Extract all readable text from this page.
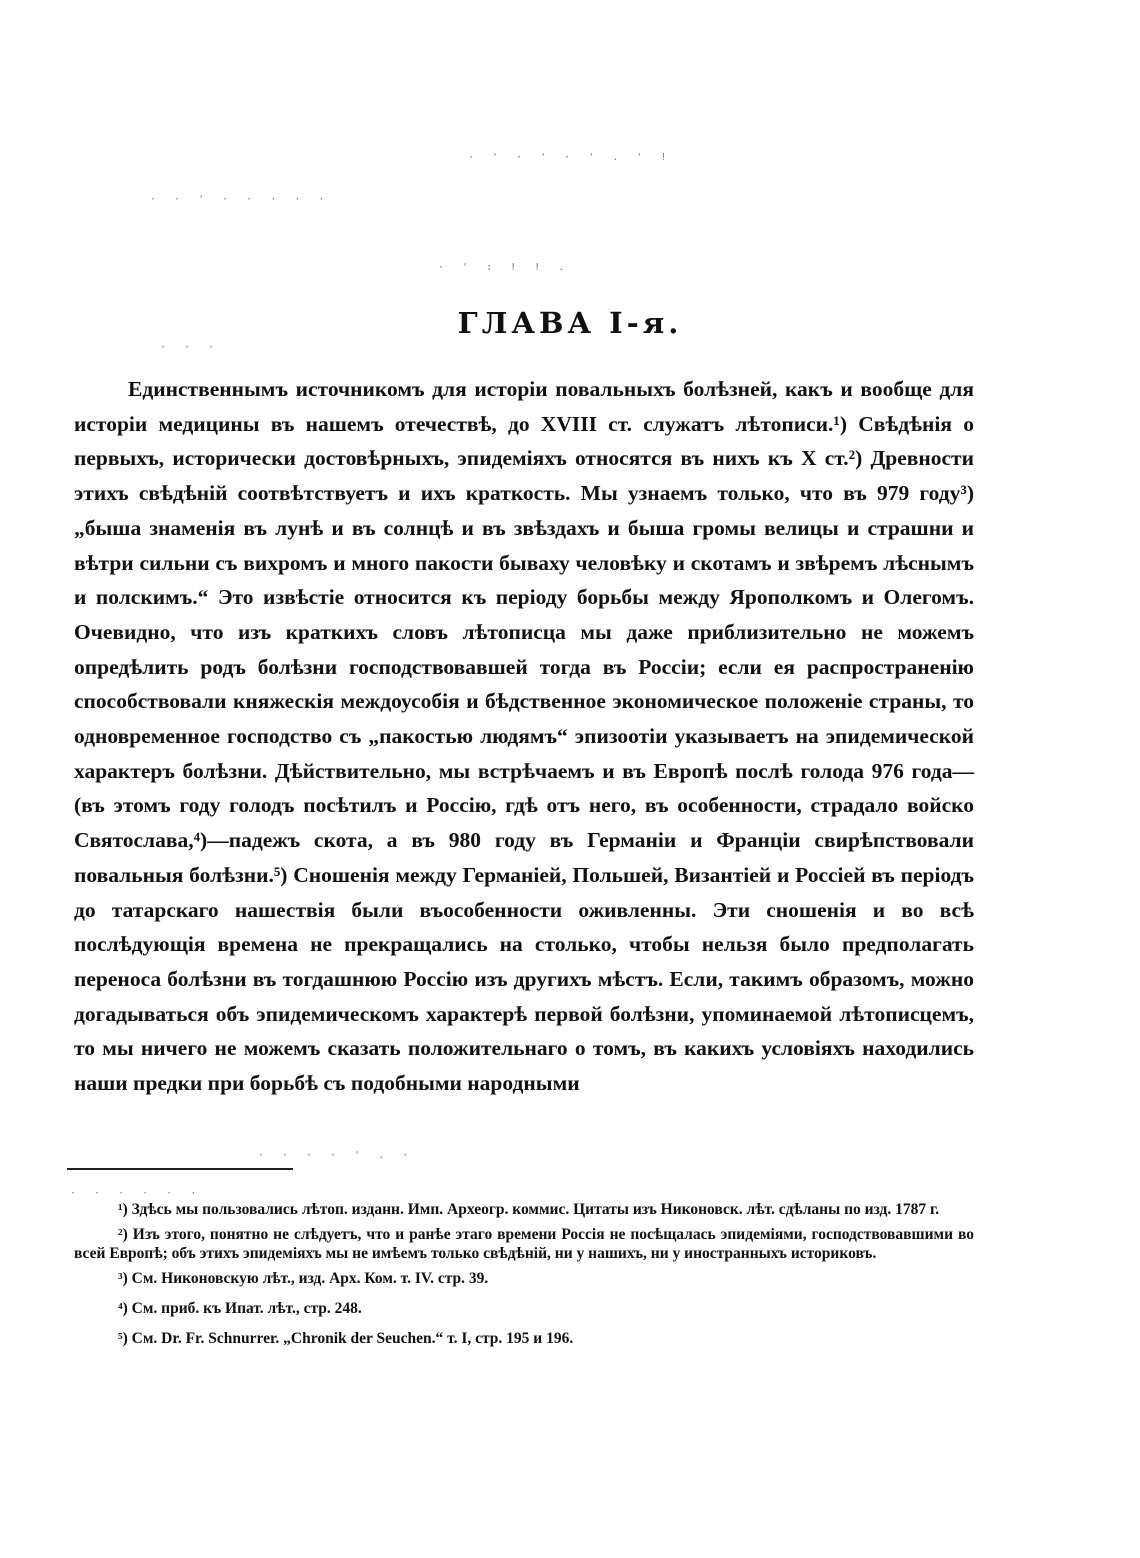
· ' · ' · ' . ' !
· · ' · · · · ·
· ' : ! ! .
· · ·
· · · · ' . ·
· · · · · ·
ГЛАВА I-я.

Единственнымъ источникомъ для исторіи повальныхъ болѣзней, какъ и вообще для исторіи медицины въ нашемъ отечествѣ, до XVIII ст. служатъ лѣтописи.¹) Свѣдѣнія о первыхъ, исторически достовѣрныхъ, эпидеміяхъ относятся въ нихъ къ X ст.²) Древности этихъ свѣдѣній соотвѣтствуетъ и ихъ краткость. Мы узнаемъ только, что въ 979 году³) „быша знаменія въ лунѣ и въ солнцѣ и въ звѣздахъ и быша громы велицы и страшни и вѣтри сильни съ вихромъ и много пакости бываху человѣку и скотамъ и звѣремъ лѣснымъ и полскимъ.“ Это извѣстіе относится къ періоду борьбы между Ярополкомъ и Олегомъ. Очевидно, что изъ краткихъ словъ лѣтописца мы даже приблизительно не можемъ опредѣлить родъ болѣзни господствовавшей тогда въ Россіи; если ея распространенію способствовали княжескія междоусобія и бѣдственное экономическое положеніе страны, то одновременное господство съ „пакостью людямъ“ эпизоотіи указываетъ на эпидемической характеръ болѣзни. Дѣйствительно, мы встрѣчаемъ и въ Европѣ послѣ голода 976 года—(въ этомъ году голодъ посѣтилъ и Россію, гдѣ отъ него, въ особенности, страдало войско Святослава,⁴)—падежъ скота, а въ 980 году въ Германіи и Франціи свирѣпствовали повальныя болѣзни.⁵) Сношенія между Германіей, Польшей, Византіей и Россіей въ періодъ до татарскаго нашествія были въособенности оживленны. Эти сношенія и во всѣ послѣдующія времена не прекращались на столько, чтобы нельзя было предполагать переноса болѣзни въ тогдашнюю Россію изъ другихъ мѣстъ. Если, такимъ образомъ, можно догадываться объ эпидемическомъ характерѣ первой болѣзни, упоминаемой лѣтописцемъ, то мы ничего не можемъ сказать положительнаго о томъ, въ какихъ условіяхъ находились наши предки при борьбѣ съ подобными народными

¹) Здѣсь мы пользовались лѣтоп. изданн. Имп. Археогр. коммис. Цитаты изъ Никоновск. лѣт. сдѣланы по изд. 1787 г.

²) Изъ этого, понятно не слѣдуетъ, что и ранѣе этаго времени Россія не посѣщалась эпидеміями, господствовавшими во всей Европѣ; объ этихъ эпидеміяхъ мы не имѣемъ только свѣдѣній, ни у нашихъ, ни у иностранныхъ историковъ.

³) См. Никоновскую лѣт., изд. Арх. Ком. т. IV. стр. 39.

⁴) См. приб. къ Ипат. лѣт., стр. 248.

⁵) См. Dr. Fr. Schnurrer. „Chronik der Seuchen.“ т. I, стр. 195 и 196.
